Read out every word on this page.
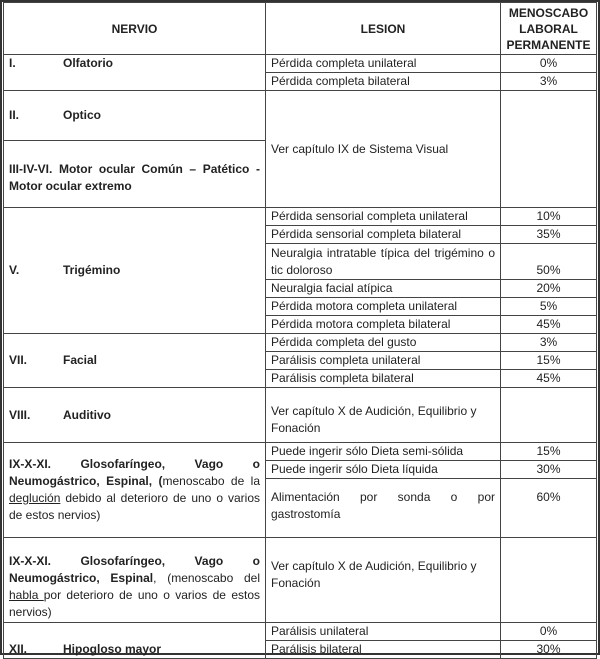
NERVIO	LESION	MENOSCABO LABORAL PERMANENTE
I. Olfatorio	Pérdida completa unilateral	0%
	Pérdida completa bilateral	3%
II. Optico	Ver capítulo IX de Sistema Visual	
III-IV-VI. Motor ocular Común – Patético - Motor ocular extremo		
V. Trigémino	Pérdida sensorial completa unilateral	10%
	Pérdida sensorial completa bilateral	35%
	Neuralgia intratable típica del trigémino o tic doloroso	50%
	Neuralgia facial atípica	20%
	Pérdida motora completa unilateral	5%
	Pérdida motora completa bilateral	45%
VII. Facial	Pérdida completa del gusto	3%
	Parálisis completa unilateral	15%
	Parálisis completa bilateral	45%
VIII. Auditivo	Ver capítulo X de Audición, Equilibrio y Fonación	
IX-X-XI. Glosofaríngeo, Vago o Neumogástrico, Espinal, (menoscabo de la deglución debido al deterioro de uno o varios de estos nervios)	Puede ingerir sólo Dieta semi-sólida	15%
	Puede ingerir sólo Dieta líquida	30%
	Alimentación por sonda o por gastrostomía	60%
IX-X-XI. Glosofaríngeo, Vago o Neumogástrico, Espinal, (menoscabo del habla por deterioro de uno o varios de estos nervios)	Ver capítulo X de Audición, Equilibrio y Fonación	
XII. Hipogloso mayor	Parálisis unilateral	0%
	Parálisis bilateral	30%
